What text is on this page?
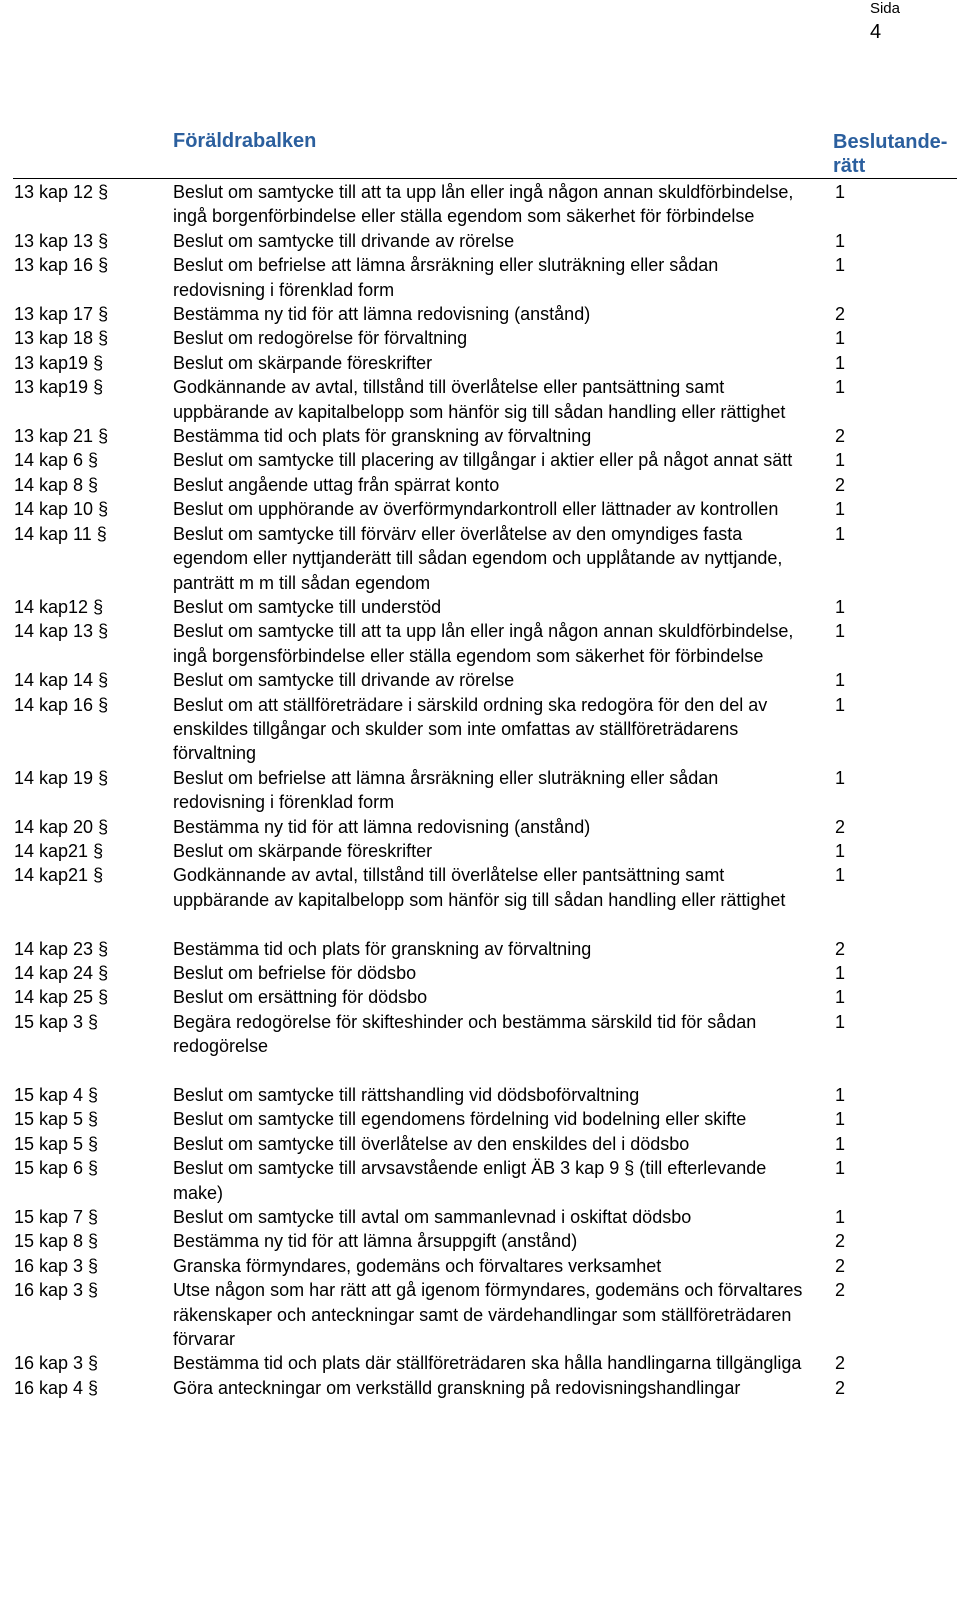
Sida
4
Föräldrabalken	Beslutande-rätt
13 kap 12 §	Beslut om samtycke till att ta upp lån eller ingå någon annan skuldförbindelse, ingå borgenförbindelse eller ställa egendom som säkerhet för förbindelse
1
13 kap 13 §	Beslut om samtycke till drivande av rörelse	1
13 kap 16 §	Beslut om befrielse att lämna årsräkning eller sluträkning eller sådan redovisning i förenklad form
1
13 kap 17 §	Bestämma ny tid för att lämna redovisning (anstånd)	2
13 kap 18 §	Beslut om redogörelse för förvaltning	1
13 kap19 §	Beslut om skärpande föreskrifter	1
13 kap19 §	Godkännande av avtal, tillstånd till överlåtelse eller pantsättning samt uppbärande av kapitalbelopp som hänför sig till sådan handling eller rättighet
1
13 kap 21 §	Bestämma tid och plats för granskning av förvaltning	2
14 kap 6 §	Beslut om samtycke till placering av tillgångar i aktier eller på något annat sätt	1
14 kap 8 §	Beslut angående uttag från spärrat konto	2
14 kap 10 §	Beslut om upphörande av överförmyndarkontroll eller lättnader av kontrollen	1
14 kap 11 §	Beslut om samtycke till förvärv eller överlåtelse av den omyndiges fasta egendom eller nyttjanderätt till sådan egendom och upplåtande av nyttjande, panträtt m m till sådan egendom
1
14 kap12 §	Beslut om samtycke till understöd	1
14 kap 13 §	Beslut om samtycke till att ta upp lån eller ingå någon annan skuldförbindelse, ingå borgensförbindelse eller ställa egendom som säkerhet för förbindelse
1
14 kap 14 §	Beslut om samtycke till drivande av rörelse	1
14 kap 16 §	Beslut om att ställföreträdare i särskild ordning ska redogöra för den del av enskildes tillgångar och skulder som inte omfattas av ställföreträdarens förvaltning
1
14 kap 19 §	Beslut om befrielse att lämna årsräkning eller sluträkning eller sådan redovisning i förenklad form
1
14 kap 20 §	Bestämma ny tid för att lämna redovisning (anstånd)	2
14 kap21 §	Beslut om skärpande föreskrifter	1
14 kap21 §	Godkännande av avtal, tillstånd till överlåtelse eller pantsättning samt uppbärande av kapitalbelopp som hänför sig till sådan handling eller rättighet
1
14 kap 23 §	Bestämma tid och plats för granskning av förvaltning	2
14 kap 24 §	Beslut om befrielse för dödsbo	1
14 kap 25 §	Beslut om ersättning för dödsbo	1
15 kap 3 §	Begära redogörelse för skifteshinder och bestämma särskild tid för sådan redogörelse
1
15 kap 4 §	Beslut om samtycke till rättshandling vid dödsboförvaltning	1
15 kap 5 §	Beslut om samtycke till egendomens fördelning vid bodelning eller skifte	1
15 kap 5 §	Beslut om samtycke till överlåtelse av den enskildes del i dödsbo	1
15 kap 6 §	Beslut om samtycke till arvsavstående enligt ÄB 3 kap 9 § (till efterlevande make)
1
15 kap 7 §	Beslut om samtycke till avtal om sammanlevnad i oskiftat dödsbo	1
15 kap 8 §	Bestämma ny tid för att lämna årsuppgift (anstånd)	2
16 kap 3 §	Granska förmyndares, godemäns och förvaltares verksamhet	2
16 kap 3 §	Utse någon som har rätt att gå igenom förmyndares, godemäns och förvaltares räkenskaper och anteckningar samt de värdehandlingar som ställföreträdaren förvarar
2
16 kap 3 §	Bestämma tid och plats där ställföreträdaren ska hålla handlingarna tillgängliga	2
16 kap 4 §	Göra anteckningar om verkställd granskning på redovisningshandlingar	2
